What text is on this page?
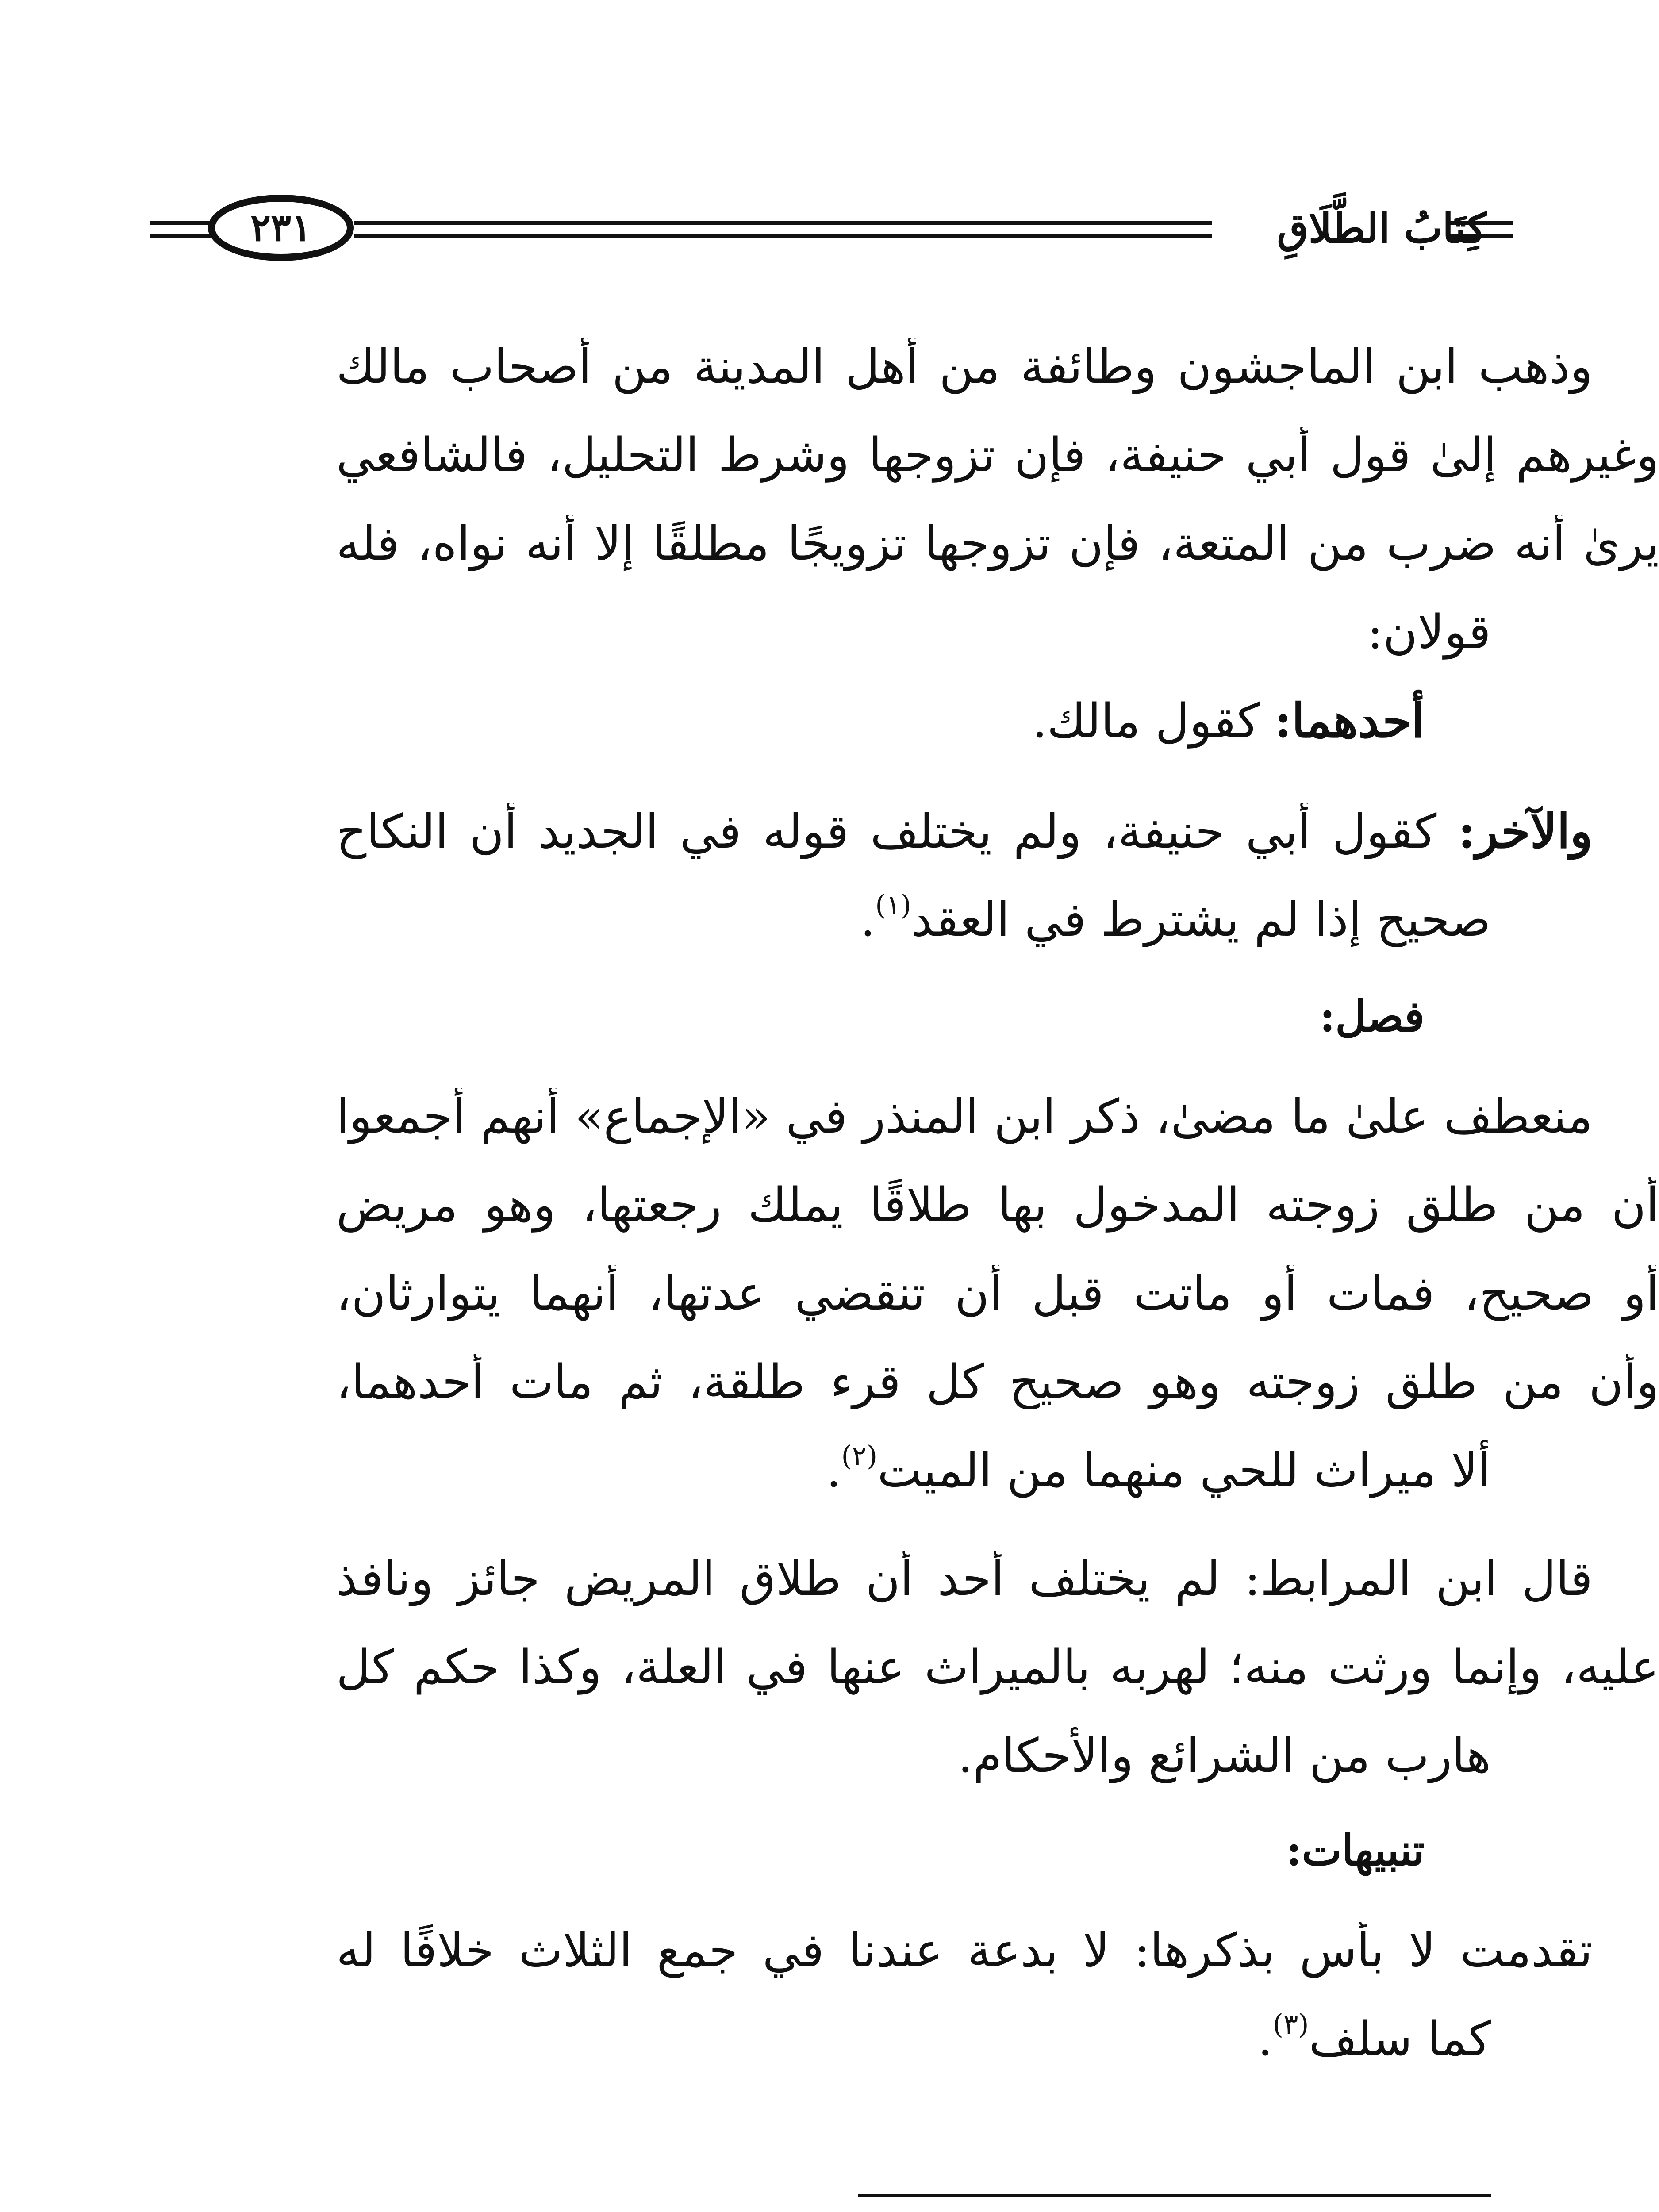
كِتَابُ الطَّلَاقِ
٢٣١
وذهب ابن الماجشون وطائفة من أهل المدينة من أصحاب مالك
وغيرهم إلىٰ قول أبي حنيفة، فإن تزوجها وشرط التحليل، فالشافعي
يرىٰ أنه ضرب من المتعة، فإن تزوجها تزويجًا مطلقًا إلا أنه نواه، فله
قولان:
أحدهما: كقول مالك.
والآخر: كقول أبي حنيفة، ولم يختلف قوله في الجديد أن النكاح
صحيح إذا لم يشترط في العقد$^{(١)}$.
فصل:
منعطف علىٰ ما مضىٰ، ذكر ابن المنذر في «الإجماع» أنهم أجمعوا
أن من طلق زوجته المدخول بها طلاقًا يملك رجعتها، وهو مريض
أو صحيح، فمات أو ماتت قبل أن تنقضي عدتها، أنهما يتوارثان،
وأن من طلق زوجته وهو صحيح كل قرء طلقة، ثم مات أحدهما،
ألا ميراث للحي منهما من الميت$^{(٢)}$.
قال ابن المرابط: لم يختلف أحد أن طلاق المريض جائز ونافذ
عليه، وإنما ورثت منه؛ لهربه بالميراث عنها في العلة، وكذا حكم كل
هارب من الشرائع والأحكام.
تنبيهات:
تقدمت لا بأس بذكرها: لا بدعة عندنا في جمع الثلاث خلافًا له
كما سلف$^{(٣)}$.
